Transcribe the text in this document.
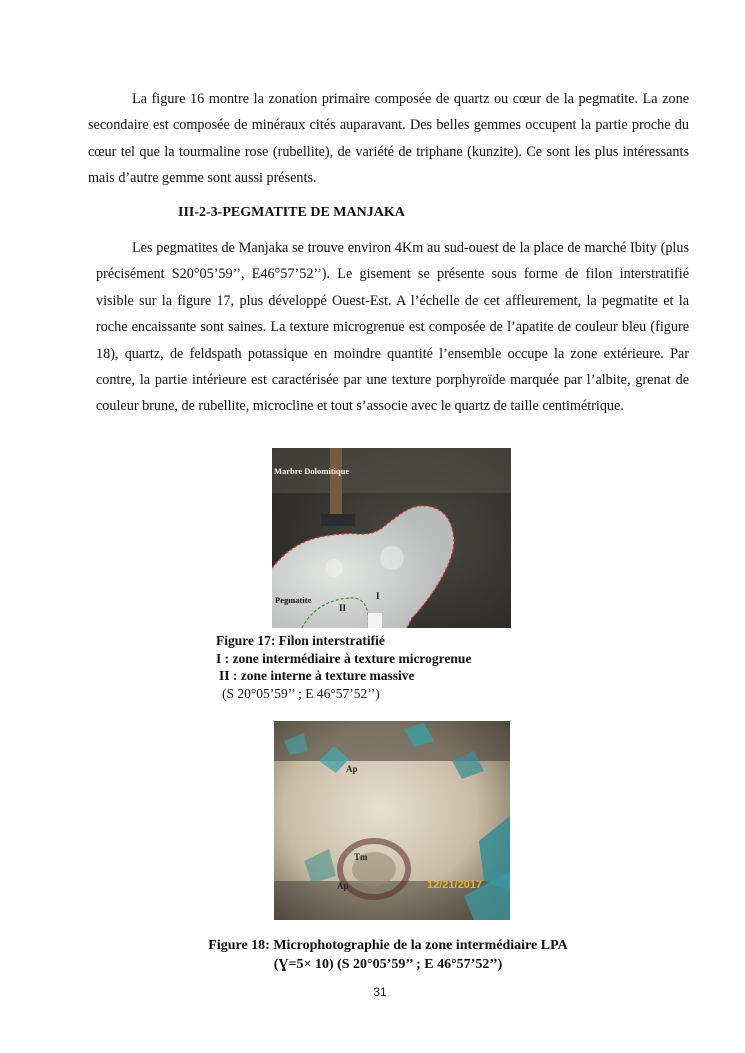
La figure 16 montre la zonation primaire composée de quartz ou cœur de la pegmatite. La zone secondaire est composée de minéraux cités auparavant. Des belles gemmes occupent la partie proche du cœur tel que la tourmaline rose (rubellite), de variété de triphane (kunzite). Ce sont les plus intéressants mais d’autre gemme sont aussi présents.
III-2-3-PEGMATITE DE MANJAKA
Les pegmatites de Manjaka se trouve environ 4Km au sud-ouest de la place de marché Ibity (plus précisément S20°05’59’’, E46°57’52’’). Le gisement se présente sous forme de filon interstratifié visible sur la figure 17, plus développé Ouest-Est. A l’échelle de cet affleurement, la pegmatite et la roche encaissante sont saines. La texture microgrenue est composée de l’apatite de couleur bleu (figure 18), quartz, de feldspath potassique en moindre quantité l’ensemble occupe la zone extérieure. Par contre, la partie intérieure est caractérisée par une texture porphyroïde marquée par l’albite, grenat de couleur brune, de rubellite, microcline et tout s’associe avec le quartz de taille centimétrique.
Marbre Dolomitique
Pegmatite	I
II
Figure 17: Filon interstratifié
I : zone intermédiaire à texture microgrenue
II : zone interne à texture massive
(S 20°05’59’’ ; E 46°57’52’’)
Ap
Tm
Ap	12/21/2017
Figure 18: Microphotographie de la zone intermédiaire LPA
(Ɣ=5× 10) (S 20°05’59’’ ; E 46°57’52’’)
31
